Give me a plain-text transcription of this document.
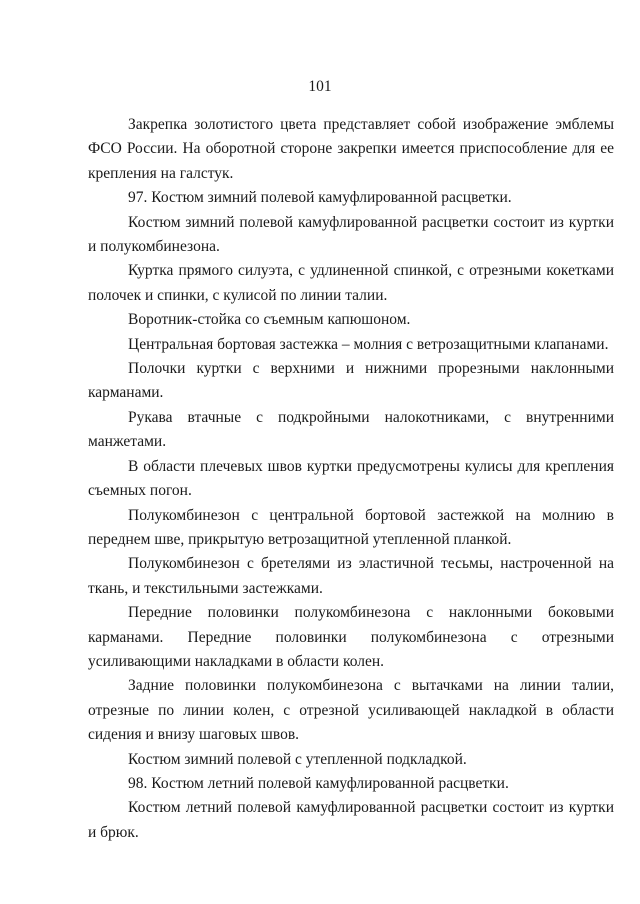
101

Закрепка золотистого цвета представляет собой изображение эмблемы ФСО России. На оборотной стороне закрепки имеется приспособление для ее крепления на галстук.

97. Костюм зимний полевой камуфлированной расцветки.

Костюм зимний полевой камуфлированной расцветки состоит из куртки и полукомбинезона.

Куртка прямого силуэта, с удлиненной спинкой, с отрезными кокетками полочек и спинки, с кулисой по линии талии.

Воротник-стойка со съемным капюшоном.

Центральная бортовая застежка – молния с ветрозащитными клапанами.

Полочки куртки с верхними и нижними прорезными наклонными карманами.

Рукава втачные с подкройными налокотниками, с внутренними манжетами.

В области плечевых швов куртки предусмотрены кулисы для крепления съемных погон.

Полукомбинезон с центральной бортовой застежкой на молнию в переднем шве, прикрытую ветрозащитной утепленной планкой.

Полукомбинезон с бретелями из эластичной тесьмы, настроченной на ткань, и текстильными застежками.

Передние половинки полукомбинезона с наклонными боковыми карманами. Передние половинки полукомбинезона с отрезными усиливающими накладками в области колен.

Задние половинки полукомбинезона с вытачками на линии талии, отрезные по линии колен, с отрезной усиливающей накладкой в области сидения и внизу шаговых швов.

Костюм зимний полевой с утепленной подкладкой.

98. Костюм летний полевой камуфлированной расцветки.

Костюм летний полевой камуфлированной расцветки состоит из куртки и брюк.
